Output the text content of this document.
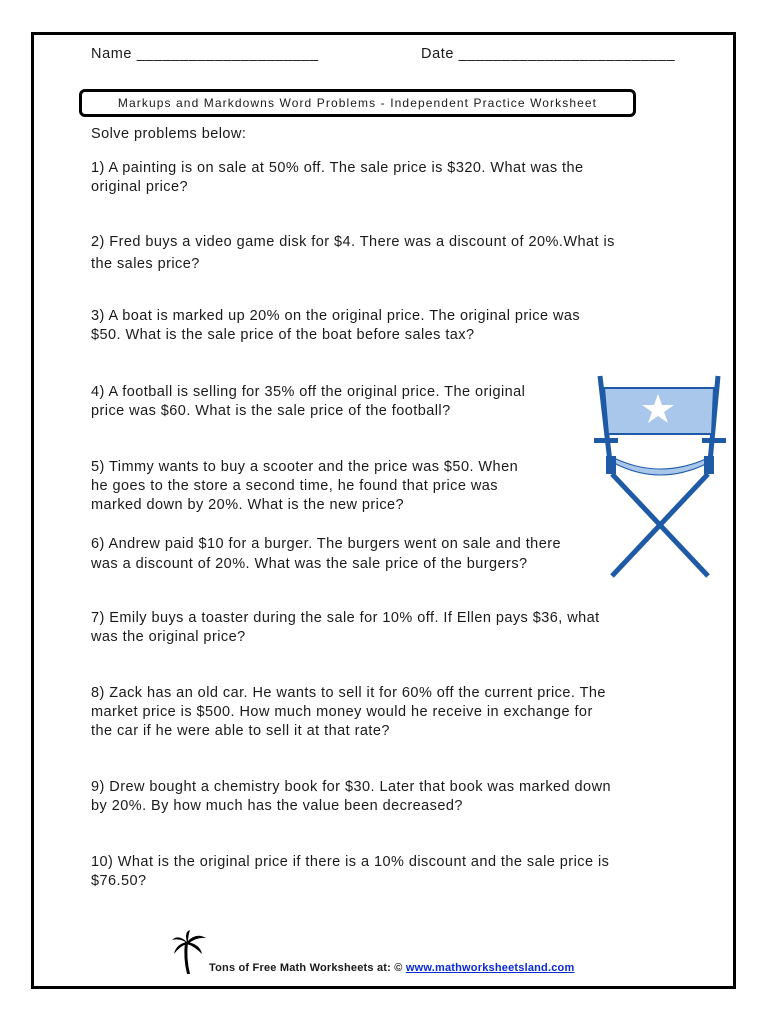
Name _____________________	Date _________________________
Markups and Markdowns Word Problems - Independent Practice Worksheet
Solve problems below:
1) A painting is on sale at 50% off. The sale price is $320. What was the
original price?
2) Fred buys a video game disk for $4. There was a discount of 20%.What is
the sales price?
3) A boat is marked up 20% on the original price. The original price was
$50. What is the sale price of the boat before sales tax?
4) A football is selling for 35% off the original price. The original
price was $60. What is the sale price of the football?
5) Timmy wants to buy a scooter and the price was $50. When
he goes to the store a second time, he found that price was
marked down by 20%. What is the new price?
6) Andrew paid $10 for a burger. The burgers went on sale and there
was a discount of 20%. What was the sale price of the burgers?
7) Emily buys a toaster during the sale for 10% off. If Ellen pays $36, what
was the original price?
8) Zack has an old car. He wants to sell it for 60% off the current price. The
market price is $500. How much money would he receive in exchange for
the car if he were able to sell it at that rate?
9) Drew bought a chemistry book for $30. Later that book was marked down
by 20%. By how much has the value been decreased?
10) What is the original price if there is a 10% discount and the sale price is
$76.50?
Tons of Free Math Worksheets at: © www.mathworksheetsland.com
